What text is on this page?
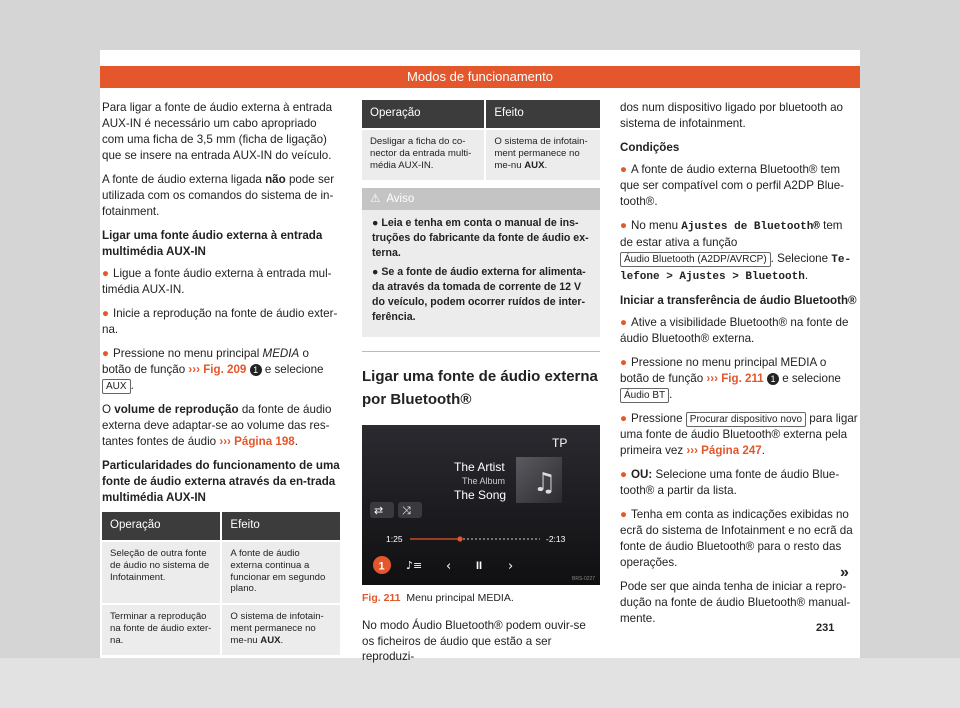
Modos de funcionamento

Para ligar a fonte de áudio externa à entrada AUX-IN é necessário um cabo apropriado com uma ficha de 3,5 mm (ficha de ligação) que se insere na entrada AUX-IN do veículo.

A fonte de áudio externa ligada não pode ser utilizada com os comandos do sistema de in-fotainment.

Ligar uma fonte áudio externa à entrada multimédia AUX-IN

● Ligue a fonte áudio externa à entrada mul-timédia AUX-IN.

● Inicie a reprodução na fonte de áudio exter-na.

● Pressione no menu principal MEDIA o botão de função ››› Fig. 209 1 e selecione AUX .

O volume de reprodução da fonte de áudio externa deve adaptar-se ao volume das res-tantes fontes de áudio ››› Página 198.

Particularidades do funcionamento de uma fonte de áudio externa através da en-trada multimédia AUX-IN

Operação	Efeito
Seleção de outra fonte de áudio no sistema de Infotainment.	A fonte de áudio externa continua a funcionar em segundo plano.
Terminar a reprodução na fonte de áudio exter-na.	O sistema de infotain-ment permanece no me-nu AUX.
Operação	Efeito
Desligar a ficha do co-nector da entrada multi-média AUX-IN.	O sistema de infotain-ment permanece no me-nu AUX.
⚠ Aviso
● Leia e tenha em conta o manual de ins-truções do fabricante da fonte de áudio ex-terna.
● Se a fonte de áudio externa for alimenta-da através da tomada de corrente de 12 V do veículo, podem ocorrer ruídos de inter-ferência.
Ligar uma fonte de áudio externa por Bluetooth®
TP
♫
The Artist
The Album
The Song
⇄ ⤨
1:25	-2:13
1 ♪≡ ‹ II ›
BRS-0227
Fig. 211 Menu principal MEDIA.

No modo Áudio Bluetooth® podem ouvir-se os ficheiros de áudio que estão a ser reproduzi-

dos num dispositivo ligado por bluetooth ao sistema de infotainment.

Condições

● A fonte de áudio externa Bluetooth® tem que ser compatível com o perfil A2DP Blue-tooth®.

● No menu Ajustes de Bluetooth® tem de estar ativa a função Áudio Bluetooth (A2DP/AVRCP) . Selecione Te-lefone > Ajustes > Bluetooth.

Iniciar a transferência de áudio Bluetooth®

● Ative a visibilidade Bluetooth® na fonte de áudio Bluetooth® externa.

● Pressione no menu principal MEDIA o botão de função ››› Fig. 211 1 e selecione Áudio BT .

● Pressione Procurar dispositivo novo para ligar uma fonte de áudio Bluetooth® externa pela primeira vez ››› Página 247.

● OU: Selecione uma fonte de áudio Blue-tooth® a partir da lista.

● Tenha em conta as indicações exibidas no ecrã do sistema de Infotainment e no ecrã da fonte de áudio Bluetooth® para o resto das operações.

Pode ser que ainda tenha de iniciar a repro-dução na fonte de áudio Bluetooth® manual-mente.

»
231
